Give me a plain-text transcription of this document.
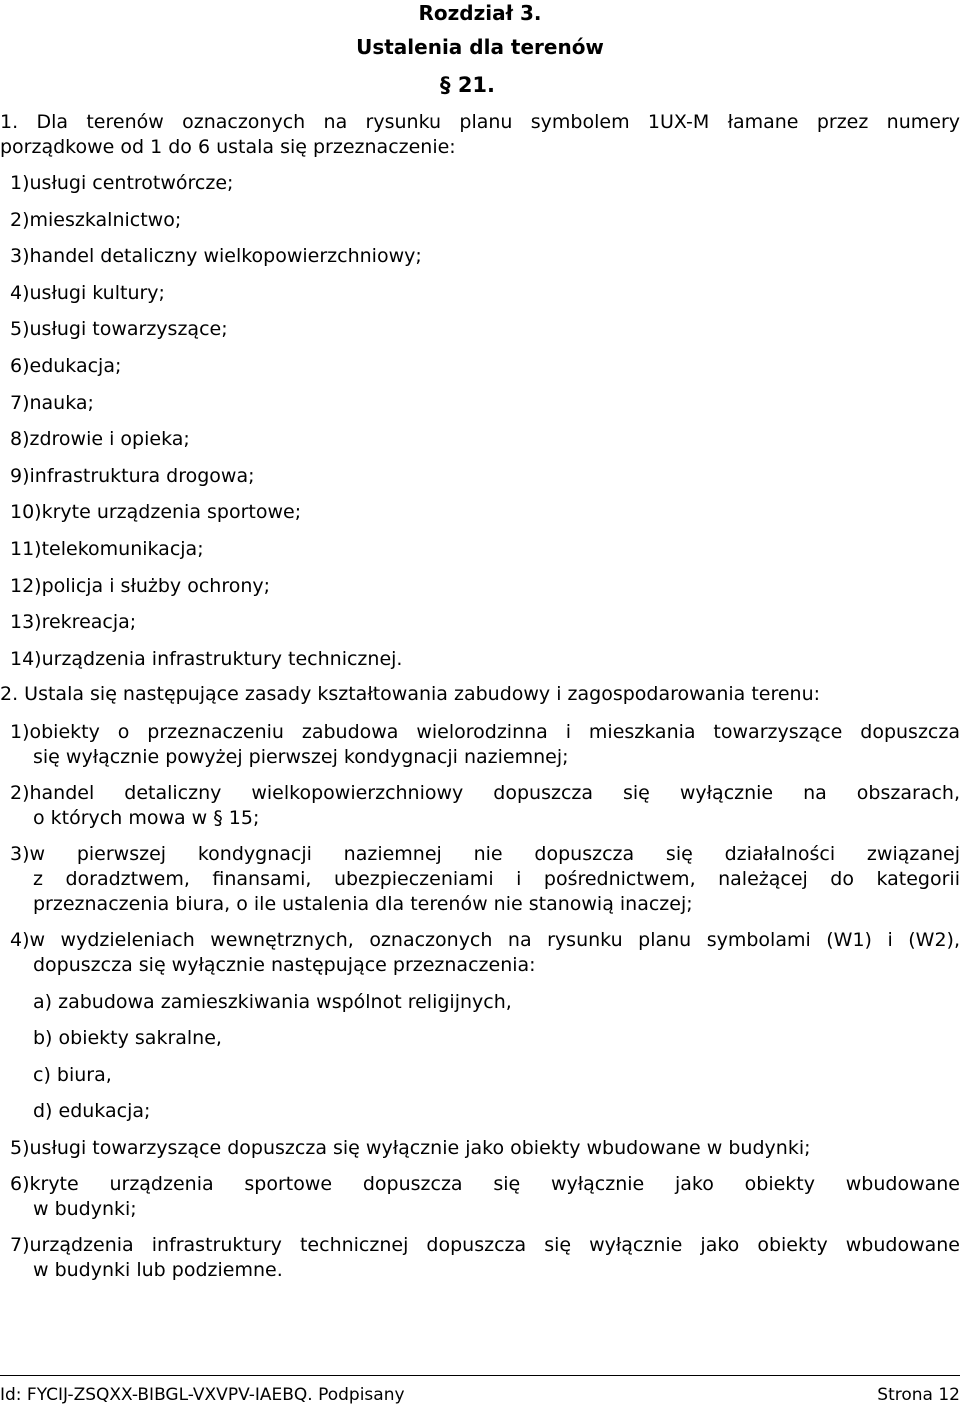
Rozdział 3.
Ustalenia dla terenów
§ 21.
1. Dla terenów oznaczonych na rysunku planu symbolem 1UX-M łamane przez numery
porządkowe od 1 do 6 ustala się przeznaczenie:
1)usługi centrotwórcze;
2)mieszkalnictwo;
3)handel detaliczny wielkopowierzchniowy;
4)usługi kultury;
5)usługi towarzyszące;
6)edukacja;
7)nauka;
8)zdrowie i opieka;
9)infrastruktura drogowa;
10)kryte urządzenia sportowe;
11)telekomunikacja;
12)policja i służby ochrony;
13)rekreacja;
14)urządzenia infrastruktury technicznej.
2. Ustala się następujące zasady kształtowania zabudowy i zagospodarowania terenu:
1)obiekty o przeznaczeniu zabudowa wielorodzinna i mieszkania towarzyszące dopuszcza
się wyłącznie powyżej pierwszej kondygnacji naziemnej;
2)handel detaliczny wielkopowierzchniowy dopuszcza się wyłącznie na obszarach,
o których mowa w § 15;
3)w pierwszej kondygnacji naziemnej nie dopuszcza się działalności związanej
z doradztwem, finansami, ubezpieczeniami i pośrednictwem, należącej do kategorii
przeznaczenia biura, o ile ustalenia dla terenów nie stanowią inaczej;
4)w wydzieleniach wewnętrznych, oznaczonych na rysunku planu symbolami (W1) i (W2),
dopuszcza się wyłącznie następujące przeznaczenia:
a) zabudowa zamieszkiwania wspólnot religijnych,
b) obiekty sakralne,
c) biura,
d) edukacja;
5)usługi towarzyszące dopuszcza się wyłącznie jako obiekty wbudowane w budynki;
6)kryte urządzenia sportowe dopuszcza się wyłącznie jako obiekty wbudowane
w budynki;
7)urządzenia infrastruktury technicznej dopuszcza się wyłącznie jako obiekty wbudowane
w budynki lub podziemne.
Id: FYCIJ-ZSQXX-BIBGL-VXVPV-IAEBQ. Podpisany	Strona 12
